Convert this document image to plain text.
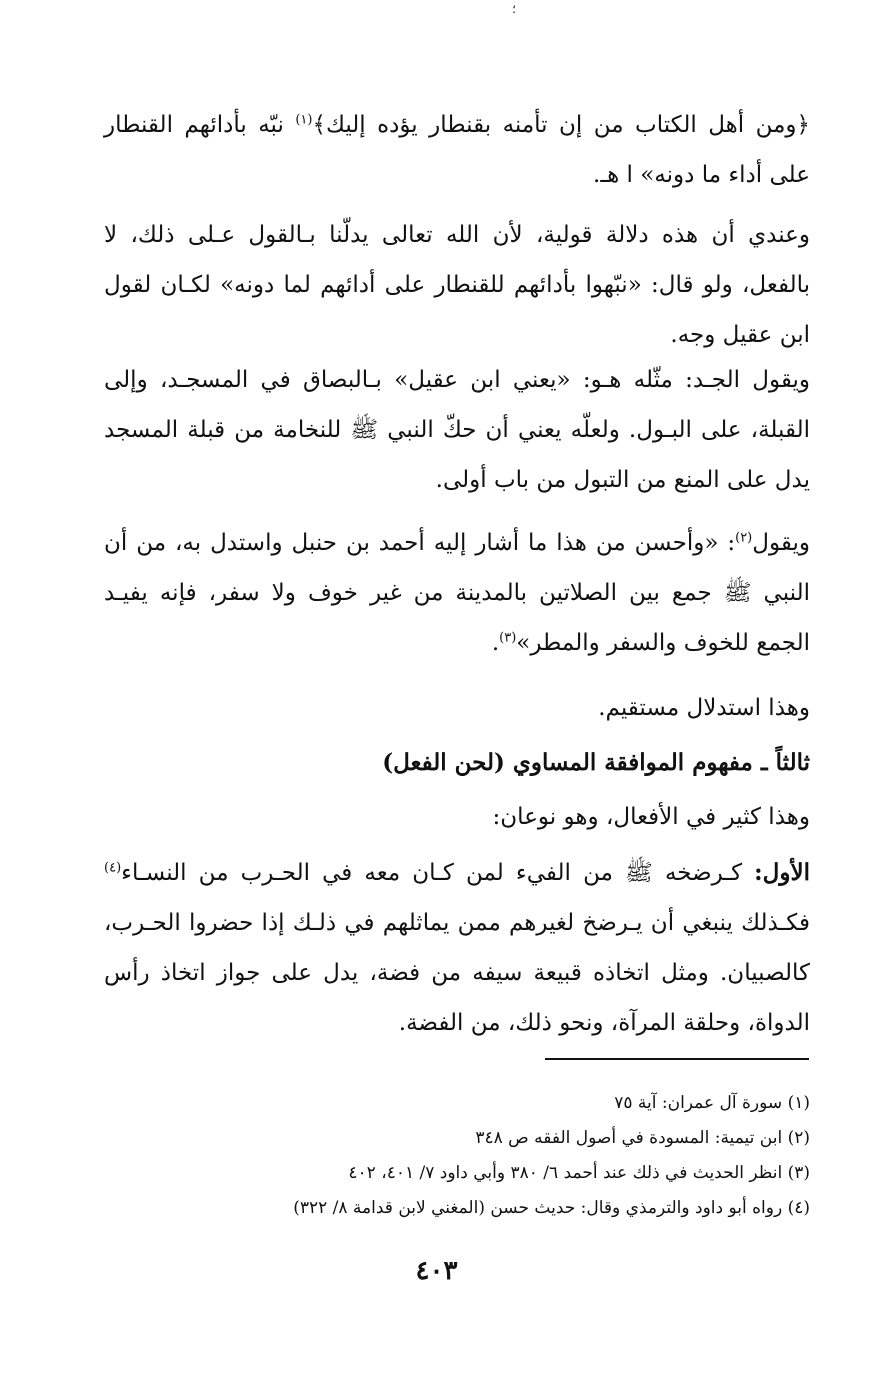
؛

﴿ومن أهل الكتاب من إن تأمنه بقنطار يؤده إليك﴾$^{(١)}$ نبّه بأدائهم القنطار على أداء ما دونه» ا هـ.

وعندي أن هذه دلالة قولية، لأن الله تعالى يدلّنا بـالقول عـلى ذلك، لا بالفعل، ولو قال: «نبّهوا بأدائهم للقنطار على أدائهم لما دونه» لكـان لقول ابن عقيل وجه.

ويقول الجـد: مثّله هـو: «يعني ابن عقيل» بـالبصاق في المسجـد، وإلى القبلة، على البـول. ولعلّه يعني أن حكّ النبي ﷺ للنخامة من قبلة المسجد يدل على المنع من التبول من باب أولى.

ويقول$^{(٢)}$: «وأحسن من هذا ما أشار إليه أحمد بن حنبل واستدل به، من أن النبي ﷺ جمع بين الصلاتين بالمدينة من غير خوف ولا سفر، فإنه يفيـد الجمع للخوف والسفر والمطر»$^{(٣)}$.

وهذا استدلال مستقيم.

ثالثاً ـ مفهوم الموافقة المساوي (لحن الفعل)

وهذا كثير في الأفعال، وهو نوعان:

الأول: كـرضخه ﷺ من الفيء لمن كـان معه في الحـرب من النسـاء$^{(٤)}$ فكـذلك ينبغي أن يـرضخ لغيرهم ممن يماثلهم في ذلـك إذا حضروا الحـرب، كالصبيان. ومثل اتخاذه قبيعة سيفه من فضة، يدل على جواز اتخاذ رأس الدواة، وحلقة المرآة، ونحو ذلك، من الفضة.

(١) سورة آل عمران: آية ٧٥
(٢) ابن تيمية: المسودة في أصول الفقه ص ٣٤٨
(٣) انظر الحديث في ذلك عند أحمد ٦/ ٣٨٠ وأبي داود ٧/ ٤٠١، ٤٠٢
(٤) رواه أبو داود والترمذي وقال: حديث حسن (المغني لابن قدامة ٨/ ٣٢٢)
٤٠٣
